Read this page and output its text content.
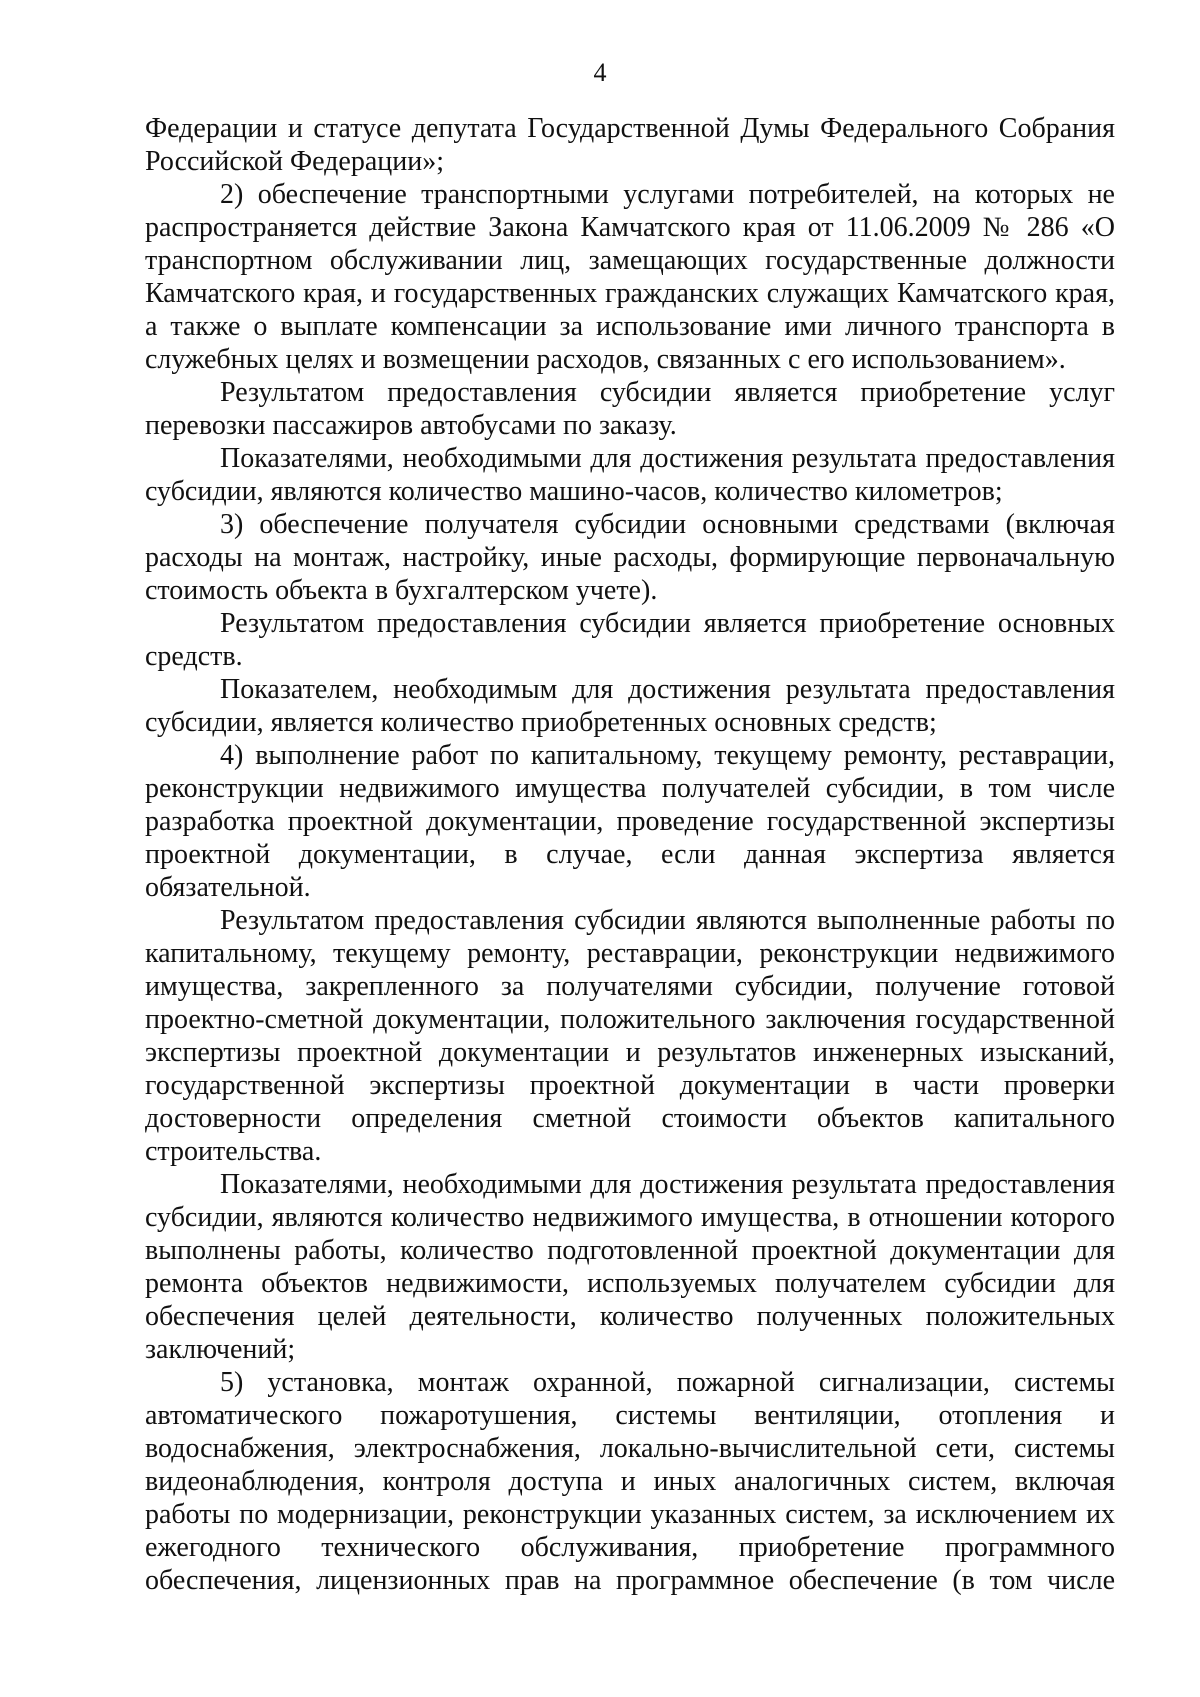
4

Федерации и статусе депутата Государственной Думы Федерального Собрания Российской Федерации»;

2) обеспечение транспортными услугами потребителей, на которых не распространяется действие Закона Камчатского края от 11.06.2009 № 286 «О транспортном обслуживании лиц, замещающих государственные должности Камчатского края, и государственных гражданских служащих Камчатского края, а также о выплате компенсации за использование ими личного транспорта в служебных целях и возмещении расходов, связанных с его использованием».

Результатом предоставления субсидии является приобретение услуг перевозки пассажиров автобусами по заказу.

Показателями, необходимыми для достижения результата предоставления субсидии, являются количество машино-часов, количество километров;

3) обеспечение получателя субсидии основными средствами (включая расходы на монтаж, настройку, иные расходы, формирующие первоначальную стоимость объекта в бухгалтерском учете).

Результатом предоставления субсидии является приобретение основных средств.

Показателем, необходимым для достижения результата предоставления субсидии, является количество приобретенных основных средств;

4) выполнение работ по капитальному, текущему ремонту, реставрации, реконструкции недвижимого имущества получателей субсидии, в том числе разработка проектной документации, проведение государственной экспертизы проектной документации, в случае, если данная экспертиза является обязательной.

Результатом предоставления субсидии являются выполненные работы по капитальному, текущему ремонту, реставрации, реконструкции недвижимого имущества, закрепленного за получателями субсидии, получение готовой проектно-сметной документации, положительного заключения государственной экспертизы проектной документации и результатов инженерных изысканий, государственной экспертизы проектной документации в части проверки достоверности определения сметной стоимости объектов капитального строительства.

Показателями, необходимыми для достижения результата предоставления субсидии, являются количество недвижимого имущества, в отношении которого выполнены работы, количество подготовленной проектной документации для ремонта объектов недвижимости, используемых получателем субсидии для обеспечения целей деятельности, количество полученных положительных заключений;

5) установка, монтаж охранной, пожарной сигнализации, системы автоматического пожаротушения, системы вентиляции, отопления и водоснабжения, электроснабжения, локально-вычислительной сети, системы видеонаблюдения, контроля доступа и иных аналогичных систем, включая работы по модернизации, реконструкции указанных систем, за исключением их ежегодного технического обслуживания, приобретение программного обеспечения, лицензионных прав на программное обеспечение (в том числе
